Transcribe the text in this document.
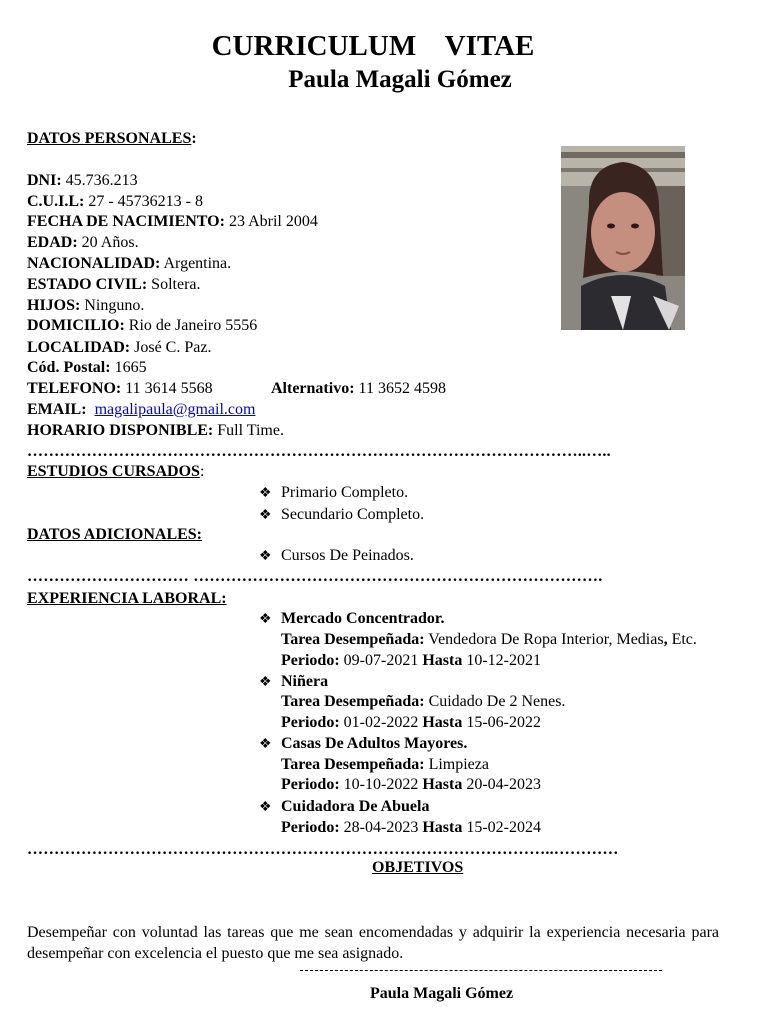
CURRICULUM    VITAE
Paula Magali Gómez
DATOS PERSONALES:
DNI: 45.736.213
C.U.I.L: 27 - 45736213 - 8
FECHA DE NACIMIENTO: 23 Abril 2004
EDAD: 20 Años.
NACIONALIDAD: Argentina.
ESTADO CIVIL: Soltera.
HIJOS: Ninguno.
DOMICILIO: Rio de Janeiro 5556
LOCALIDAD: José C. Paz.
Cód. Postal: 1665
TELEFONO: 11 3614 5568	Alternativo: 11 3652 4598
EMAIL: magalipaula@gmail.com
HORARIO DISPONIBLE: Full Time.
…………………………………………………………………………………………..…..
ESTUDIOS CURSADOS:
❖ Primario Completo.
❖ Secundario Completo.
DATOS ADICIONALES:
❖ Cursos De Peinados.
………………………… ………………………………………………………………….
EXPERIENCIA LABORAL:
❖ Mercado Concentrador.
Tarea Desempeñada: Vendedora De Ropa Interior, Medias, Etc.
Periodo: 09-07-2021 Hasta 10-12-2021
❖ Niñera
Tarea Desempeñada: Cuidado De 2 Nenes.
Periodo: 01-02-2022 Hasta 15-06-2022
❖ Casas De Adultos Mayores.
Tarea Desempeñada: Limpieza
Periodo: 10-10-2022 Hasta 20-04-2023
❖ Cuidadora De Abuela
Periodo: 28-04-2023 Hasta 15-02-2024
……………………………………………………………………………………..…………
OBJETIVOS
Desempeñar con voluntad las tareas que me sean encomendadas y adquirir la experiencia necesaria para desempeñar con excelencia el puesto que me sea asignado.
Paula Magali Gómez
